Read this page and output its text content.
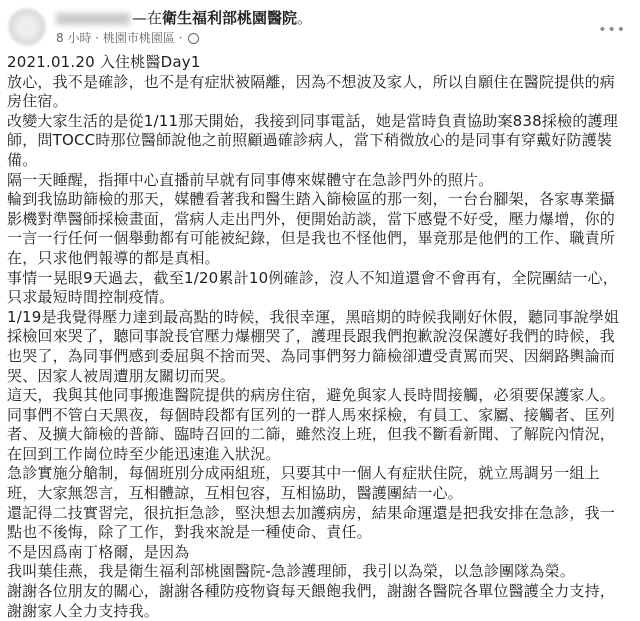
—在衛生福利部桃園醫院。
8 小時 · 桃園市桃園區 ·	•••

2021.01.20 入住桃醫Day1

放心，我不是確診，也不是有症狀被隔離，因為不想波及家人，所以自願住在醫院提供的病房住宿。

改變大家生活的是從1/11那天開始，我接到同事電話，她是當時負責協助案838採檢的護理師，問TOCC時那位醫師說他之前照顧過確診病人，當下稍微放心的是同事有穿戴好防護裝備。

隔一天睡醒，指揮中心直播前早就有同事傳來媒體守在急診門外的照片。

輪到我協助篩檢的那天，媒體看著我和醫生踏入篩檢區的那一刻，一台台腳架，各家專業攝影機對準醫師採檢畫面，當病人走出門外，便開始訪談，當下感覺不好受，壓力爆增，你的一言一行任何一個舉動都有可能被紀錄，但是我也不怪他們，畢竟那是他們的工作、職責所在，只求他們報導的都是真相。

事情一晃眼9天過去，截至1/20累計10例確診，沒人不知道還會不會再有，全院團結一心，只求最短時間控制疫情。

1/19是我覺得壓力達到最高點的時候，我很幸運，黑暗期的時候我剛好休假，聽同事說學姐採檢回來哭了，聽同事說長官壓力爆棚哭了，護理長跟我們抱歉說沒保護好我們的時候，我也哭了，為同事們感到委屈與不捨而哭、為同事們努力篩檢卻遭受責罵而哭、因網路輿論而哭、因家人被周遭朋友關切而哭。

這天，我與其他同事搬進醫院提供的病房住宿，避免與家人長時間接觸，必須要保護家人。

同事們不管白天黑夜，每個時段都有匡列的一群人馬來採檢，有員工、家屬、接觸者、匡列者、及擴大篩檢的普篩、臨時召回的二篩，雖然沒上班，但我不斷看新聞、了解院內情況，在回到工作崗位時至少能迅速進入狀況。

急診實施分艙制，每個班別分成兩組班，只要其中一個人有症狀住院，就立馬調另一組上班，大家無怨言，互相體諒，互相包容，互相協助，醫護團結一心。

還記得二技實習完，很抗拒急診，堅決想去加護病房，結果命運還是把我安排在急診，我一點也不後悔，除了工作，對我來說是一種使命、責任。

不是因爲南丁格爾，是因為

我叫葉佳燕，我是衛生福利部桃園醫院-急診護理師，我引以為榮，以急診團隊為榮。

謝謝各位朋友的關心，謝謝各種防疫物資每天餵飽我們，謝謝各醫院各單位醫護全力支持，謝謝家人全力支持我。
